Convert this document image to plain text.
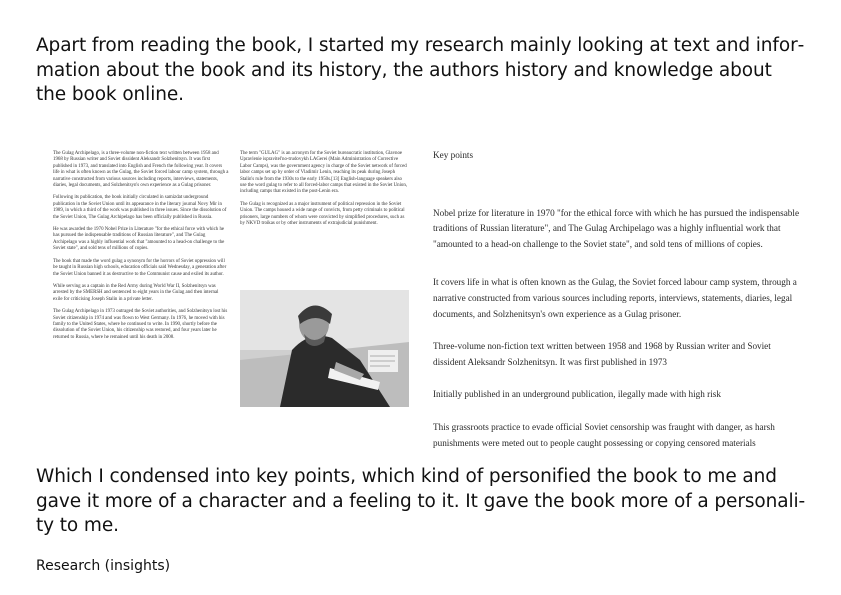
Apart from reading the book, I started my research mainly looking at text and information about the book and its history, the authors history and knowledge about the book online.

The Gulag Archipelago, is a three-volume non-fiction text written between 1958 and 1968 by Russian writer and Soviet dissident Aleksandr Solzhenitsyn. It was first published in 1973, and translated into English and French the following year. It covers life in what is often known as the Gulag, the Soviet forced labour camp system, through a narrative constructed from various sources including reports, interviews, statements, diaries, legal documents, and Solzhenitsyn's own experience as a Gulag prisoner.

Following its publication, the book initially circulated in samizdat underground publication in the Soviet Union until its appearance in the literary journal Novy Mir in 1989, in which a third of the work was published in three issues. Since the dissolution of the Soviet Union, The Gulag Archipelago has been officially published in Russia.

He was awarded the 1970 Nobel Prize in Literature "for the ethical force with which he has pursued the indispensable traditions of Russian literature", and The Gulag Archipelago was a highly influential work that "amounted to a head-on challenge to the Soviet state", and sold tens of millions of copies.

The book that made the word gulag a synonym for the horrors of Soviet oppression will be taught in Russian high schools, education officials said Wednesday, a generation after the Soviet Union banned it as destructive to the Communist cause and exiled its author.

While serving as a captain in the Red Army during World War II, Solzhenitsyn was arrested by the SMERSH and sentenced to eight years in the Gulag and then internal exile for criticising Joseph Stalin in a private letter.

The Gulag Archipelago in 1973 outraged the Soviet authorities, and Solzhenitsyn lost his Soviet citizenship in 1974 and was flown to West Germany. In 1976, he moved with his family to the United States, where he continued to write. In 1990, shortly before the dissolution of the Soviet Union, his citizenship was restored, and four years later he returned to Russia, where he remained until his death in 2008.

The term "GULAG" is an acronym for the Soviet bureaucratic institution, Glavnoe Upravlenie ispravitel'no-trudovykh LAGerei (Main Administration of Corrective Labor Camps), was the government agency in charge of the Soviet network of forced labor camps set up by order of Vladimir Lenin, reaching its peak during Joseph Stalin's rule from the 1930s to the early 1950s.[13] English-language speakers also use the word gulag to refer to all forced-labor camps that existed in the Soviet Union, including camps that existed in the post-Lenin era.

The Gulag is recognized as a major instrument of political repression in the Soviet Union. The camps housed a wide range of convicts, from petty criminals to political prisoners, large numbers of whom were convicted by simplified procedures, such as by NKVD troikas or by other instruments of extrajudicial punishment.

Key points

Nobel prize for literature in 1970 "for the ethical force with which he has pursued the indispensable traditions of Russian literature", and The Gulag Archipelago was a highly influential work that "amounted to a head-on challenge to the Soviet state", and sold tens of millions of copies.

It covers life in what is often known as the Gulag, the Soviet forced labour camp system, through a narrative constructed from various sources including reports, interviews, statements, diaries, legal documents, and Solzhenitsyn's own experience as a Gulag prisoner.

Three-volume non-fiction text written between 1958 and 1968 by Russian writer and Soviet dissident Aleksandr Solzhenitsyn. It was first published in 1973

Initially published in an underground publication, ilegally made with high risk

This grassroots practice to evade official Soviet censorship was fraught with danger, as harsh punishments were meted out to people caught possessing or copying censored materials

Which I condensed into key points, which kind of personified the book to me and gave it more of a character and a feeling to it. It gave the book more of a personality to me.

Research (insights)
